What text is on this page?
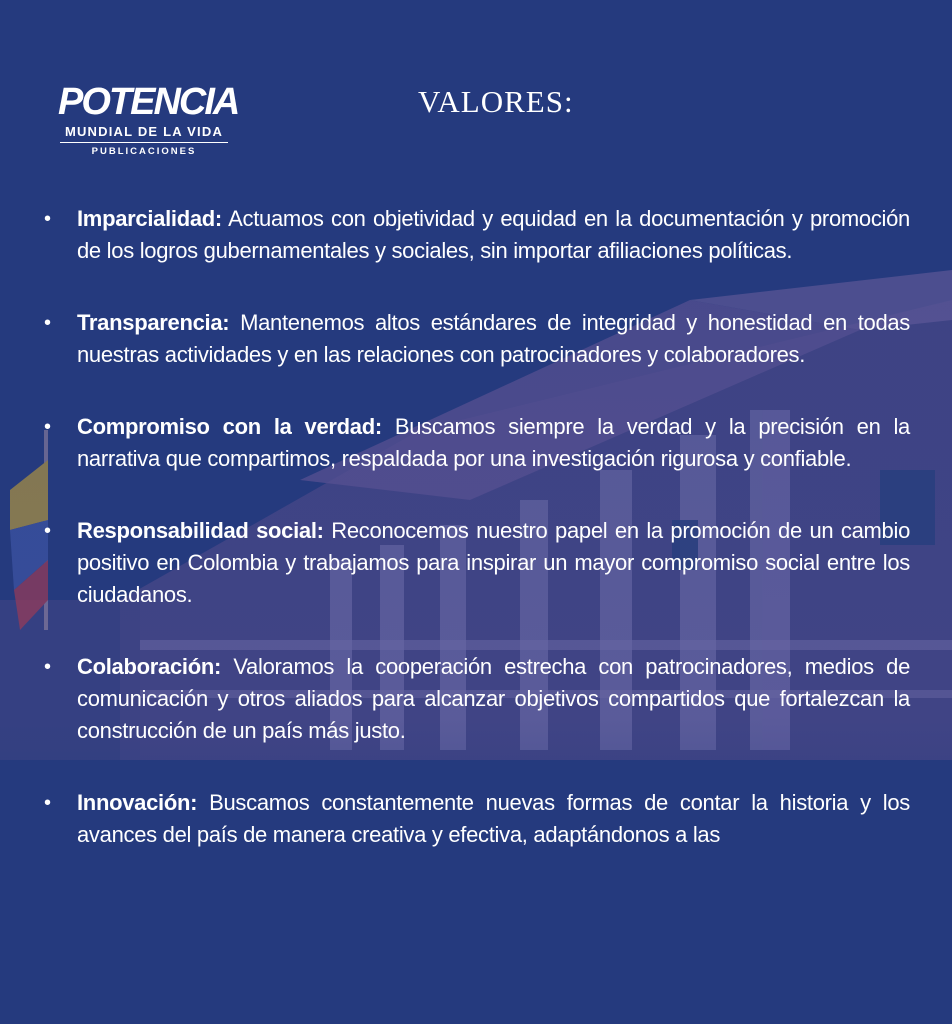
POTENCIA
MUNDIAL DE LA VIDA
PUBLICACIONES
VALORES:
• Imparcialidad: Actuamos con objetividad y equidad en la documentación y promoción de los logros gubernamentales y sociales, sin importar afiliaciones políticas.
• Transparencia: Mantenemos altos estándares de integridad y honestidad en todas nuestras actividades y en las relaciones con patrocinadores y colaboradores.
• Compromiso con la verdad: Buscamos siempre la verdad y la precisión en la narrativa que compartimos, respaldada por una investigación rigurosa y confiable.
• Responsabilidad social: Reconocemos nuestro papel en la promoción de un cambio positivo en Colombia y trabajamos para inspirar un mayor compromiso social entre los ciudadanos.
• Colaboración: Valoramos la cooperación estrecha con patrocinadores, medios de comunicación y otros aliados para alcanzar objetivos compartidos que fortalezcan la construcción de un país más justo.
• Innovación: Buscamos constantemente nuevas formas de contar la historia y los avances del país de manera creativa y efectiva, adaptándonos a las
